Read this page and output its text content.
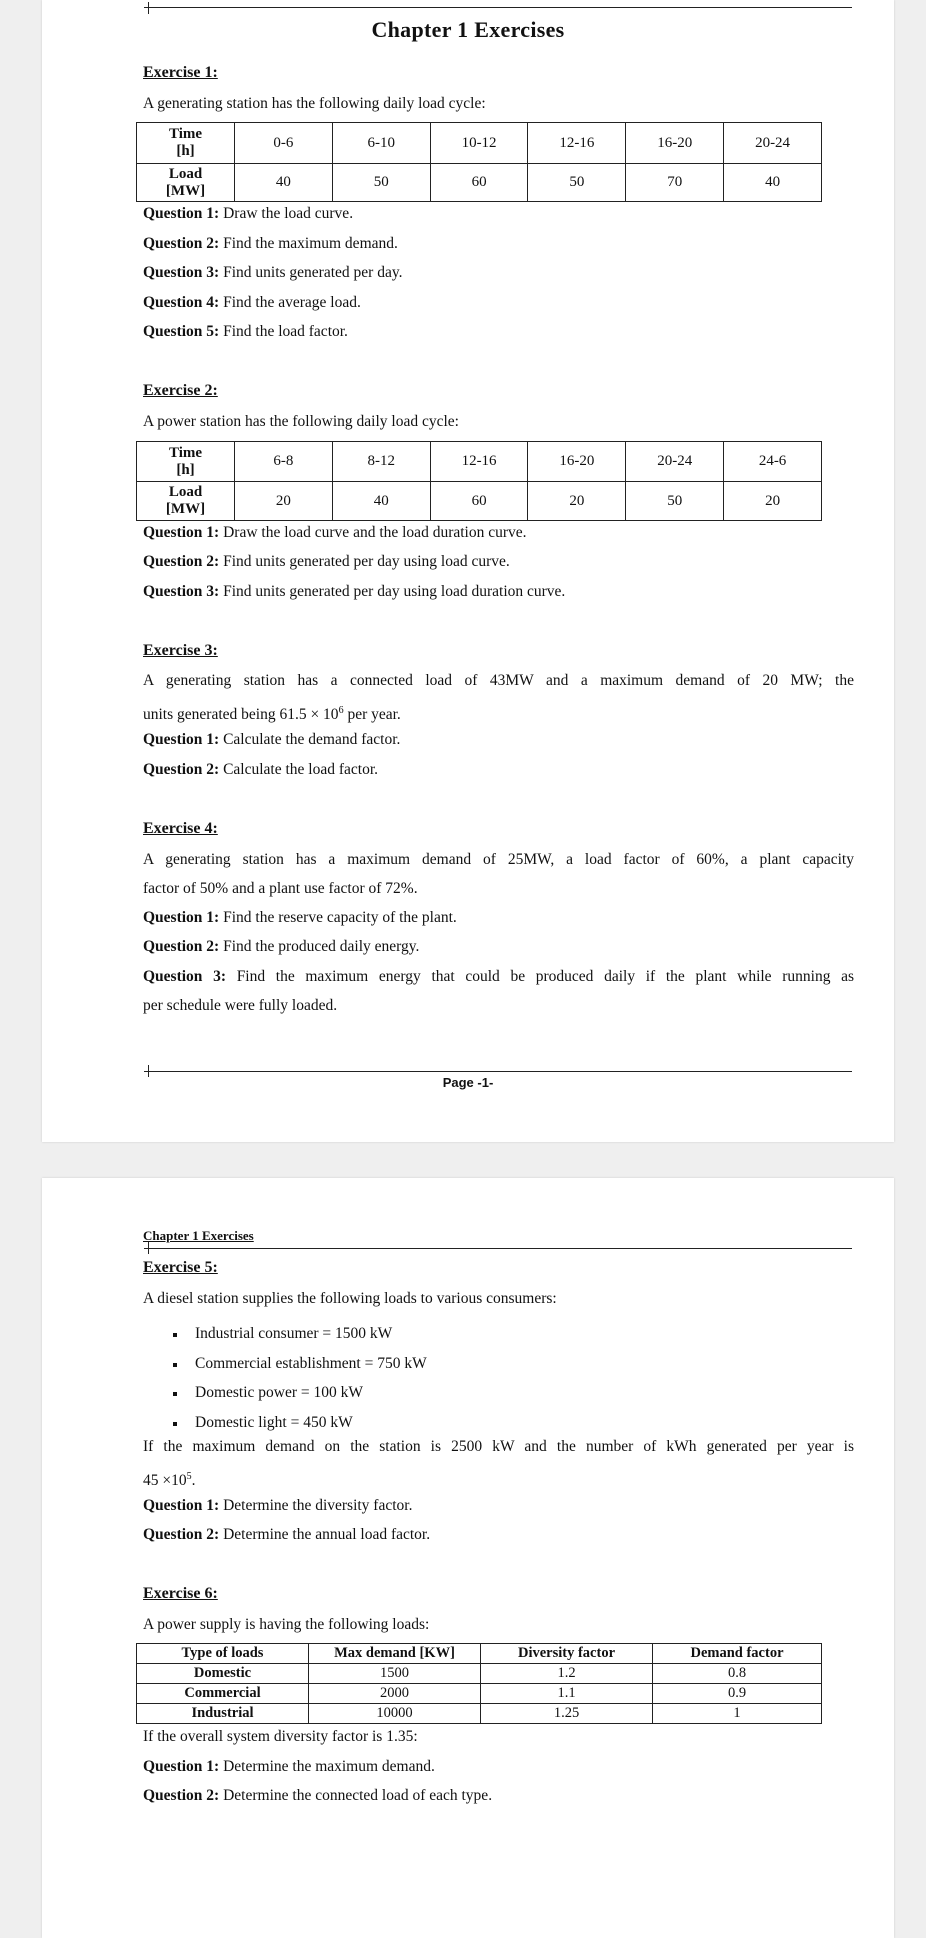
Chapter 1 Exercises
Exercise 1:
A generating station has the following daily load cycle:
Time
[h]	0-6	6-10	10-12	12-16	16-20	20-24
Load
[MW]	40	50	60	50	70	40
Question 1: Draw the load curve.
Question 2: Find the maximum demand.
Question 3: Find units generated per day.
Question 4: Find the average load.
Question 5: Find the load factor.
Exercise 2:
A power station has the following daily load cycle:
Time
[h]	6-8	8-12	12-16	16-20	20-24	24-6
Load
[MW]	20	40	60	20	50	20
Question 1: Draw the load curve and the load duration curve.
Question 2: Find units generated per day using load curve.
Question 3: Find units generated per day using load duration curve.
Exercise 3:
A generating station has a connected load of 43MW and a maximum demand of 20 MW; the
units generated being $61.5 \times 10^6$ per year.
Question 1: Calculate the demand factor.
Question 2: Calculate the load factor.
Exercise 4:
A generating station has a maximum demand of 25MW, a load factor of 60%, a plant capacity
factor of 50% and a plant use factor of 72%.
Question 1: Find the reserve capacity of the plant.
Question 2: Find the produced daily energy.
Question 3: Find the maximum energy that could be produced daily if the plant while running as
per schedule were fully loaded.
Page -1-
Chapter 1 Exercises
Exercise 5:
A diesel station supplies the following loads to various consumers:
Industrial consumer = 1500 kW
Commercial establishment = 750 kW
Domestic power = 100 kW
Domestic light = 450 kW
If the maximum demand on the station is 2500 kW and the number of kWh generated per year is
$45 \times 10^5$.
Question 1: Determine the diversity factor.
Question 2: Determine the annual load factor.
Exercise 6:
A power supply is having the following loads:
Type of loads	Max demand [KW]	Diversity factor	Demand factor
Domestic	1500	1.2	0.8
Commercial	2000	1.1	0.9
Industrial	10000	1.25	1
If the overall system diversity factor is 1.35:
Question 1: Determine the maximum demand.
Question 2: Determine the connected load of each type.
